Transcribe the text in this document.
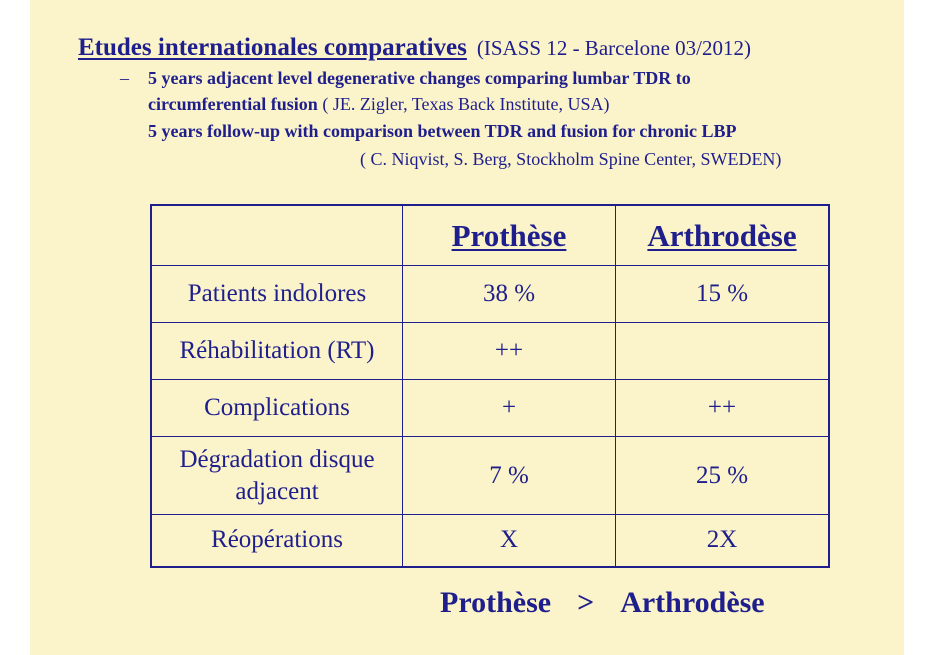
Etudes internationales comparatives (ISASS 12 - Barcelone 03/2012)
– 5 years adjacent level degenerative changes comparing lumbar TDR to
circumferential fusion ( JE. Zigler, Texas Back Institute, USA)
5 years follow-up with comparison between TDR and fusion for chronic LBP
( C. Niqvist, S. Berg, Stockholm Spine Center, SWEDEN)
	Prothèse	Arthrodèse
Patients indolores	38 %	15 %
Réhabilitation (RT)	++	
Complications	+	++

Dégradation disque
adjacent	7 %	25 %
Réopérations	X	2X
Prothèse > Arthrodèse
